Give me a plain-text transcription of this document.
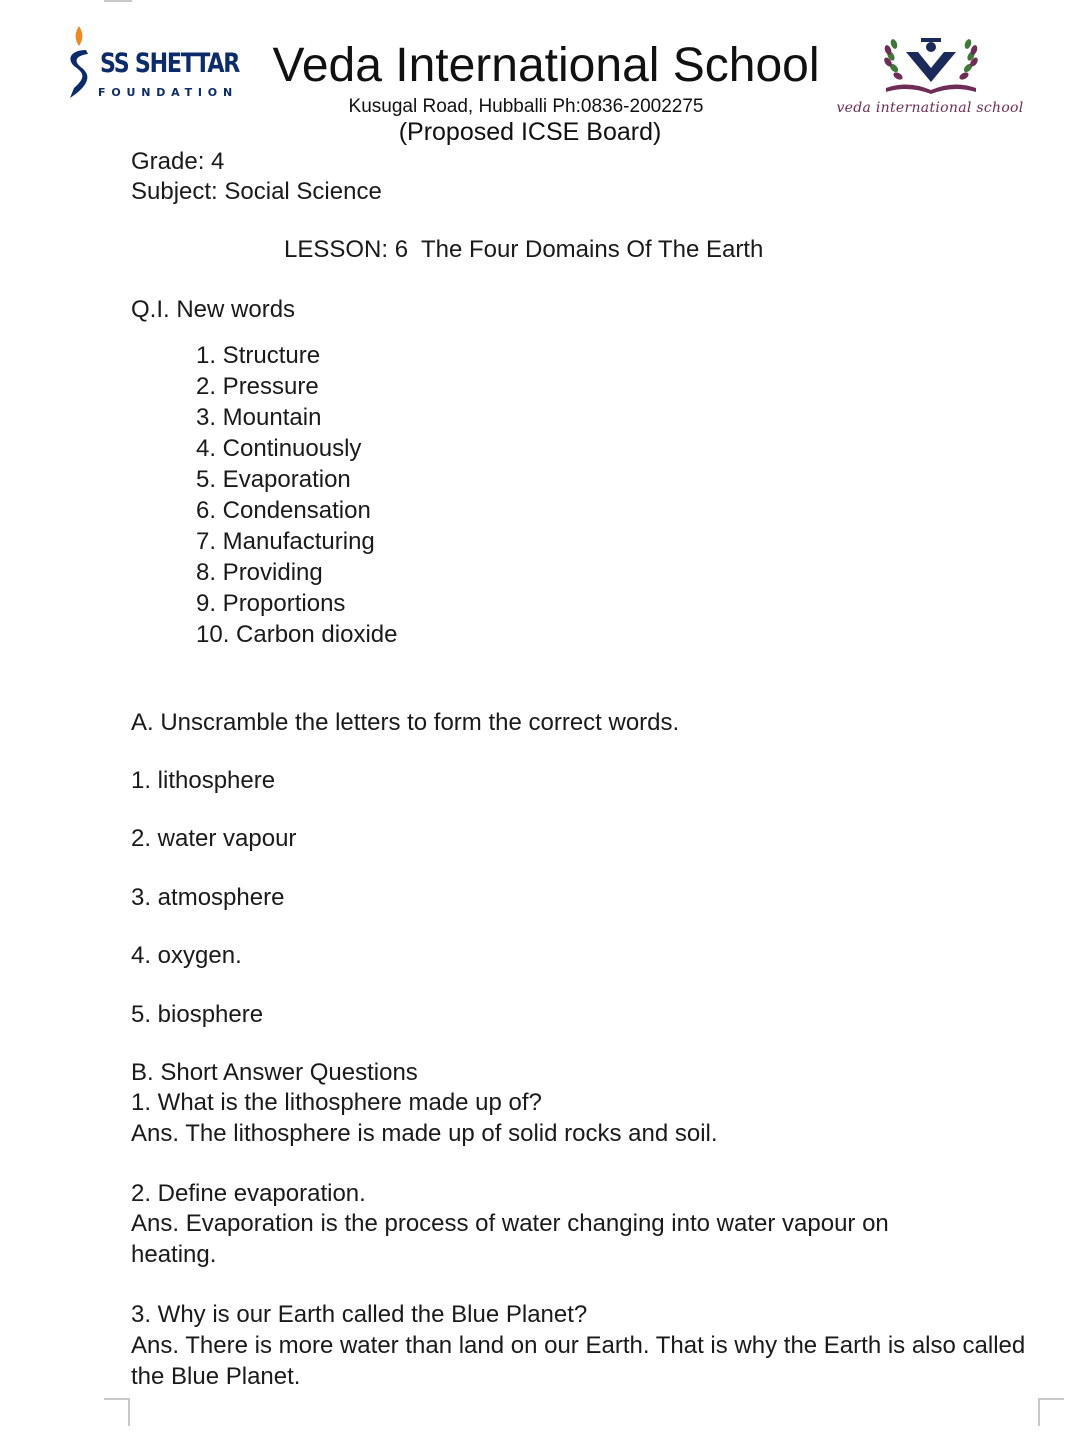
SS SHETTAR
FOUNDATION
Veda International School
Kusugal Road, Hubballi Ph:0836-2002275
(Proposed ICSE Board)
veda international school
Grade: 4
Subject: Social Science
LESSON: 6  The Four Domains Of The Earth
Q.I. New words
1. Structure
2. Pressure
3. Mountain
4. Continuously
5. Evaporation
6. Condensation
7. Manufacturing
8. Providing
9. Proportions
10. Carbon dioxide
A. Unscramble the letters to form the correct words.
1. lithosphere
2. water vapour
3. atmosphere
4. oxygen.
5. biosphere
B. Short Answer Questions
1. What is the lithosphere made up of?
Ans. The lithosphere is made up of solid rocks and soil.
2. Define evaporation.
Ans. Evaporation is the process of water changing into water vapour on heating.
3. Why is our Earth called the Blue Planet?
Ans. There is more water than land on our Earth. That is why the Earth is also called the Blue Planet.
